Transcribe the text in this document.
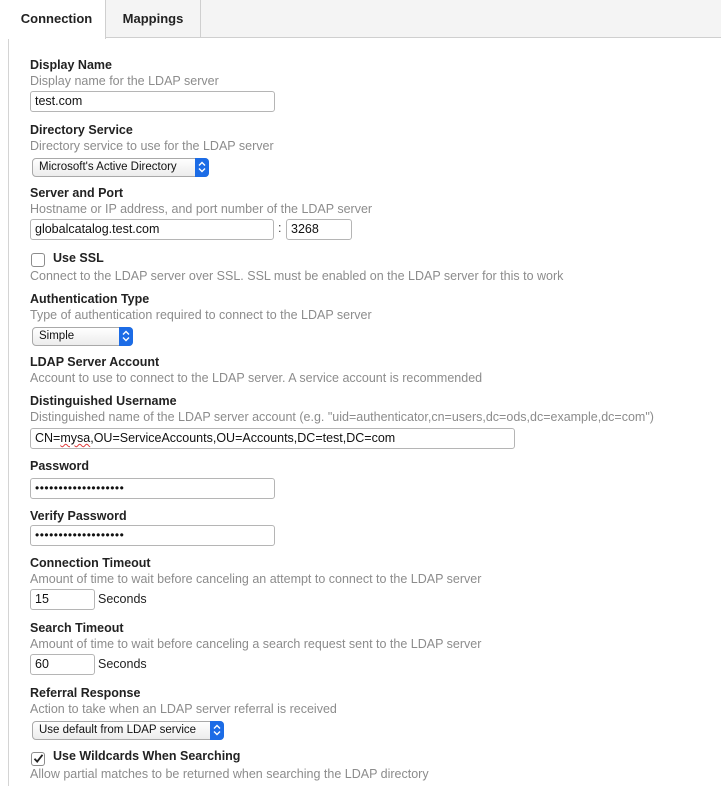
Connection	Mappings
Display Name
Display name for the LDAP server
test.com
Directory Service
Directory service to use for the LDAP server
Microsoft's Active Directory
Server and Port
Hostname or IP address, and port number of the LDAP server
globalcatalog.test.com	: 3268
Use SSL
Connect to the LDAP server over SSL. SSL must be enabled on the LDAP server for this to work
Authentication Type
Type of authentication required to connect to the LDAP server
Simple
LDAP Server Account
Account to use to connect to the LDAP server. A service account is recommended
Distinguished Username
Distinguished name of the LDAP server account (e.g. "uid=authenticator,cn=users,dc=ods,dc=example,dc=com")
CN=mysa,OU=ServiceAccounts,OU=Accounts,DC=test,DC=com
Password
•••••••••••••••••••
Verify Password
•••••••••••••••••••
Connection Timeout
Amount of time to wait before canceling an attempt to connect to the LDAP server
15	Seconds
Search Timeout
Amount of time to wait before canceling a search request sent to the LDAP server
60	Seconds
Referral Response
Action to take when an LDAP server referral is received
Use default from LDAP service
Use Wildcards When Searching
Allow partial matches to be returned when searching the LDAP directory
